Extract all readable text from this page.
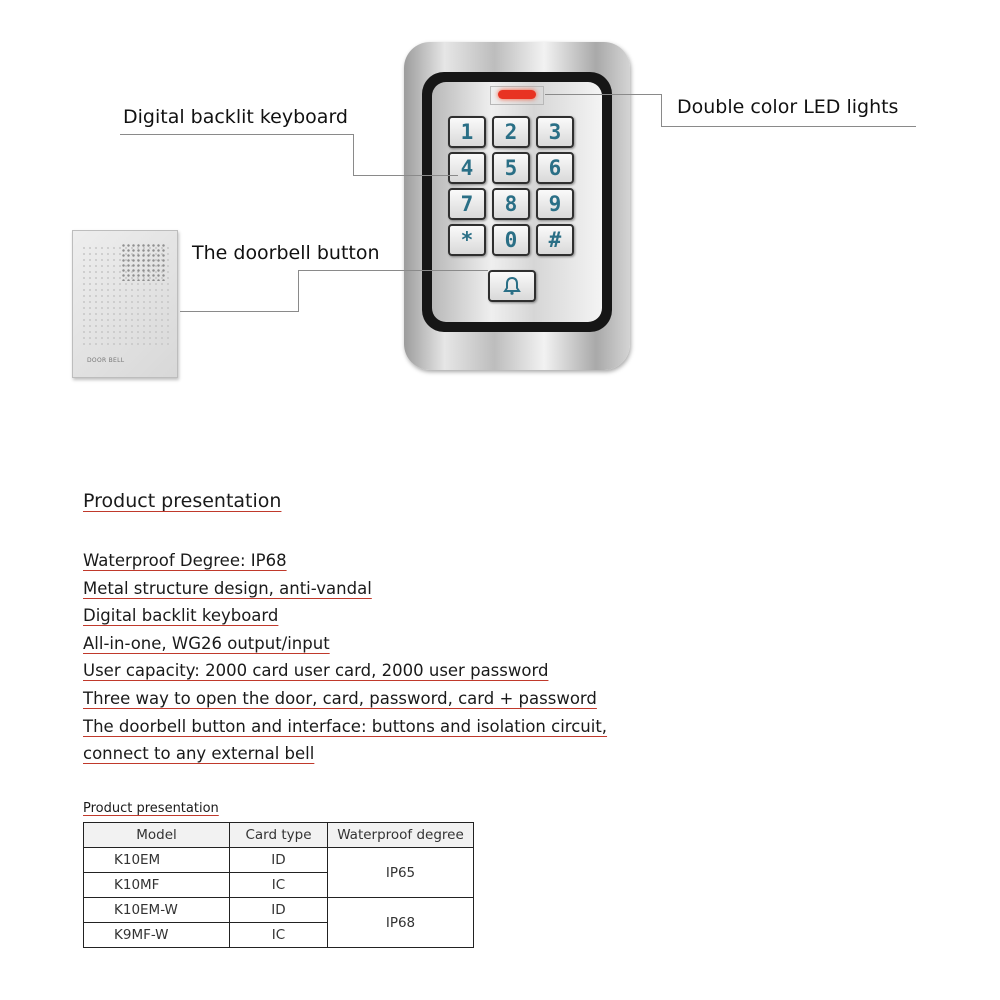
DOOR BELL
1	2	3
4	5	6
7	8	9
*	0	#
Digital backlit keyboard
The doorbell button
Double color LED lights
Product presentation
Waterproof Degree: IP68
Metal structure design, anti-vandal
Digital backlit keyboard
All-in-one, WG26 output/input
User capacity: 2000 card user card, 2000 user password
Three way to open the door, card, password, card + password
The doorbell button and interface: buttons and isolation circuit,
connect to any external bell
Product presentation
Model	Card type	Waterproof degree
K10EM	ID	IP65
K10MF	IC	
K10EM-W	ID	IP68
K9MF-W	IC	
